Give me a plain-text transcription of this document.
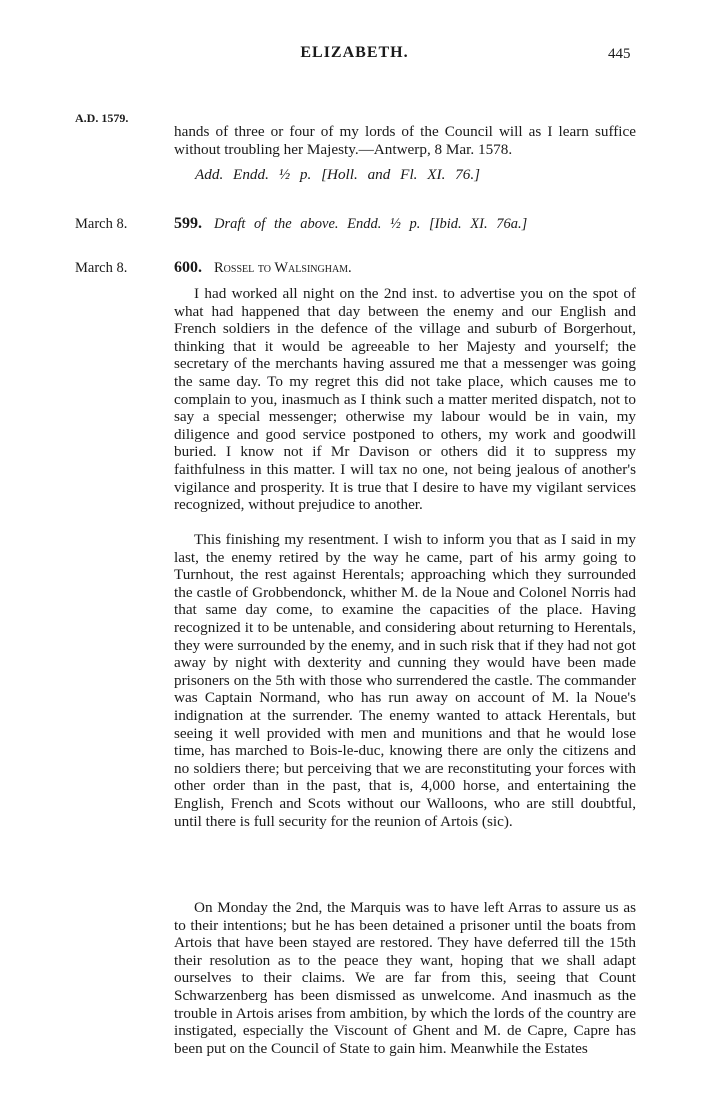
ELIZABETH.	445
A.D. 1579.
hands of three or four of my lords of the Council will as I learn suffice without troubling her Majesty.—Antwerp, 8 Mar. 1578.
Add. Endd. ½ p. [Holl. and Fl. XI. 76.]
March 8.	599. Draft of the above. Endd. ½ p. [Ibid. XI. 76a.]
March 8.	600. Rossel to Walsingham.
I had worked all night on the 2nd inst. to advertise you on the spot of what had happened that day between the enemy and our English and French soldiers in the defence of the village and suburb of Borgerhout, thinking that it would be agreeable to her Majesty and yourself; the secretary of the merchants having assured me that a messenger was going the same day. To my regret this did not take place, which causes me to complain to you, inasmuch as I think such a matter merited dispatch, not to say a special messenger; otherwise my labour would be in vain, my diligence and good service postponed to others, my work and goodwill buried. I know not if Mr Davison or others did it to suppress my faithfulness in this matter. I will tax no one, not being jealous of another's vigilance and prosperity. It is true that I desire to have my vigilant services recognized, without prejudice to another.
This finishing my resentment. I wish to inform you that as I said in my last, the enemy retired by the way he came, part of his army going to Turnhout, the rest against Herentals; approaching which they surrounded the castle of Grobbendonck, whither M. de la Noue and Colonel Norris had that same day come, to examine the capacities of the place. Having recognized it to be untenable, and considering about returning to Herentals, they were surrounded by the enemy, and in such risk that if they had not got away by night with dexterity and cunning they would have been made prisoners on the 5th with those who surrendered the castle. The commander was Captain Normand, who has run away on account of M. la Noue's indignation at the surrender. The enemy wanted to attack Herentals, but seeing it well provided with men and munitions and that he would lose time, has marched to Bois-le-duc, knowing there are only the citizens and no soldiers there; but perceiving that we are reconstituting your forces with other order than in the past, that is, 4,000 horse, and entertaining the English, French and Scots without our Walloons, who are still doubtful, until there is full security for the reunion of Artois (sic).
On Monday the 2nd, the Marquis was to have left Arras to assure us as to their intentions; but he has been detained a prisoner until the boats from Artois that have been stayed are restored. They have deferred till the 15th their resolution as to the peace they want, hoping that we shall adapt ourselves to their claims. We are far from this, seeing that Count Schwarzenberg has been dismissed as unwelcome. And inasmuch as the trouble in Artois arises from ambition, by which the lords of the country are instigated, especially the Viscount of Ghent and M. de Capre, Capre has been put on the Council of State to gain him. Meanwhile the Estates
